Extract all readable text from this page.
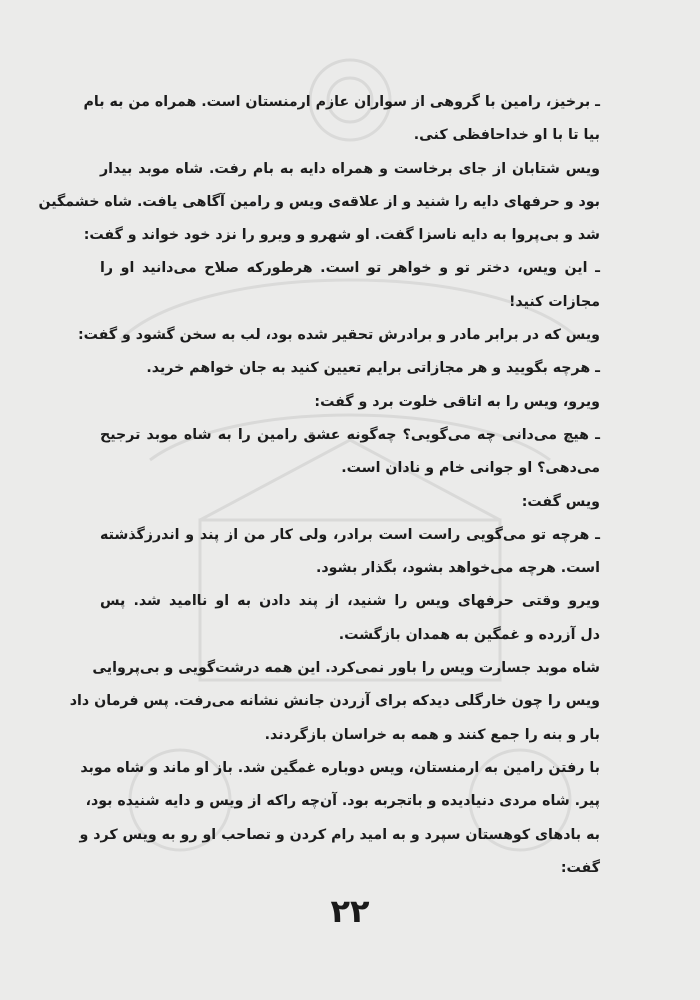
ـ برخیز، رامین با گروهی از سواران عازم ارمنستان است. همراه من به بام
بیا تا با او خداحافظی کنی.
ویس شتابان از جای برخاست و همراه دایه به بام رفت. شاه موبد بیدار
بود و حرفهای دایه را شنید و از علاقه‌ی ویس و رامین آگاهی یافت. شاه خشمگین
شد و بی‌پروا به دایه ناسزا گفت. او شهرو و ویرو را نزد خود خواند و گفت:
ـ این ویس، دختر تو و خواهر تو است. هرطورکه صلاح می‌دانید او را
مجازات کنید!
ویس که در برابر مادر و برادرش تحقیر شده بود، لب به سخن گشود و گفت:
ـ هرچه بگویید و هر مجازاتی برایم تعیین کنید به جان خواهم خرید.
ویرو، ویس را به اتاقی خلوت برد و گفت:
ـ هیچ می‌دانی چه می‌گویی؟ چه‌گونه عشق رامین را به شاه موبد ترجیح
می‌دهی؟ او جوانی خام و نادان است.
ویس گفت:
ـ هرچه تو می‌گویی راست است برادر، ولی کار من از پند و اندرزگذشته
است. هرچه می‌خواهد بشود، بگذار بشود.
ویرو وقتی حرفهای ویس را شنید، از پند دادن به او ناامید شد. پس
دل آزرده و غمگین به همدان بازگشت.
شاه موبد جسارت ویس را باور نمی‌کرد. این همه درشت‌گویی و بی‌پروایی
ویس را چون خارگلی دیدکه برای آزردن جانش نشانه می‌رفت. پس فرمان داد
بار و بنه را جمع کنند و همه به خراسان بازگردند.
با رفتن رامین به ارمنستان، ویس دوباره غمگین شد. باز او ماند و شاه موبد
پیر. شاه مردی دنیادیده و باتجربه بود. آن‌چه راکه از ویس و دایه شنیده بود،
به بادهای کوهستان سپرد و به امید رام کردن و تصاحب او رو به ویس کرد و
گفت:
۲۲
